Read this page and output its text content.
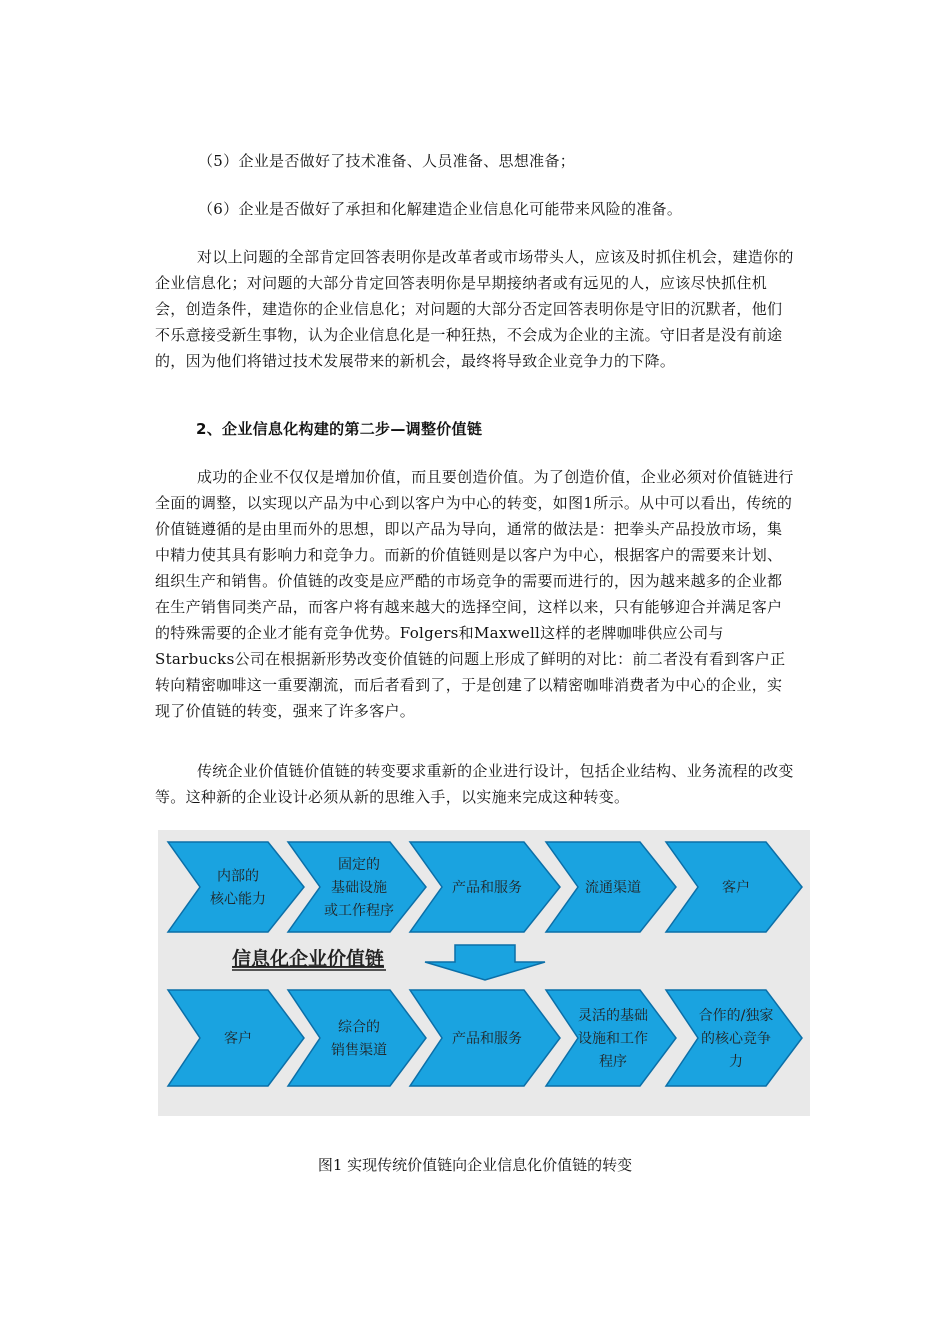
（5）企业是否做好了技术准备、人员准备、思想准备；

（6）企业是否做好了承担和化解建造企业信息化可能带来风险的准备。

对以上问题的全部肯定回答表明你是改革者或市场带头人，应该及时抓住机会，建造你的企业信息化；对问题的大部分肯定回答表明你是早期接纳者或有远见的人，应该尽快抓住机会，创造条件，建造你的企业信息化；对问题的大部分否定回答表明你是守旧的沉默者，他们不乐意接受新生事物，认为企业信息化是一种狂热，不会成为企业的主流。守旧者是没有前途的，因为他们将错过技术发展带来的新机会，最终将导致企业竞争力的下降。

2、企业信息化构建的第二步—调整价值链

成功的企业不仅仅是增加价值，而且要创造价值。为了创造价值，企业必须对价值链进行全面的调整，以实现以产品为中心到以客户为中心的转变，如图1所示。从中可以看出，传统的价值链遵循的是由里而外的思想，即以产品为导向，通常的做法是：把拳头产品投放市场，集中精力使其具有影响力和竞争力。而新的价值链则是以客户为中心，根据客户的需要来计划、组织生产和销售。价值链的改变是应严酷的市场竞争的需要而进行的，因为越来越多的企业都在生产销售同类产品，而客户将有越来越大的选择空间，这样以来，只有能够迎合并满足客户的特殊需要的企业才能有竞争优势。Folgers和Maxwell这样的老牌咖啡供应公司与Starbucks公司在根据新形势改变价值链的问题上形成了鲜明的对比：前二者没有看到客户正转向精密咖啡这一重要潮流，而后者看到了，于是创建了以精密咖啡消费者为中心的企业，实现了价值链的转变，强来了许多客户。

传统企业价值链价值链的转变要求重新的企业进行设计，包括企业结构、业务流程的改变等。这种新的企业设计必须从新的思维入手，以实施来完成这种转变。

内部的
核心能力
固定的
基础设施
或工作程序
产品和服务	流通渠道	客户
信息化企业价值链
客户
综合的
销售渠道
产品和服务
灵活的基础
设施和工作
程序
合作的/独家
的核心竞争
力
图1 实现传统价值链向企业信息化价值链的转变
